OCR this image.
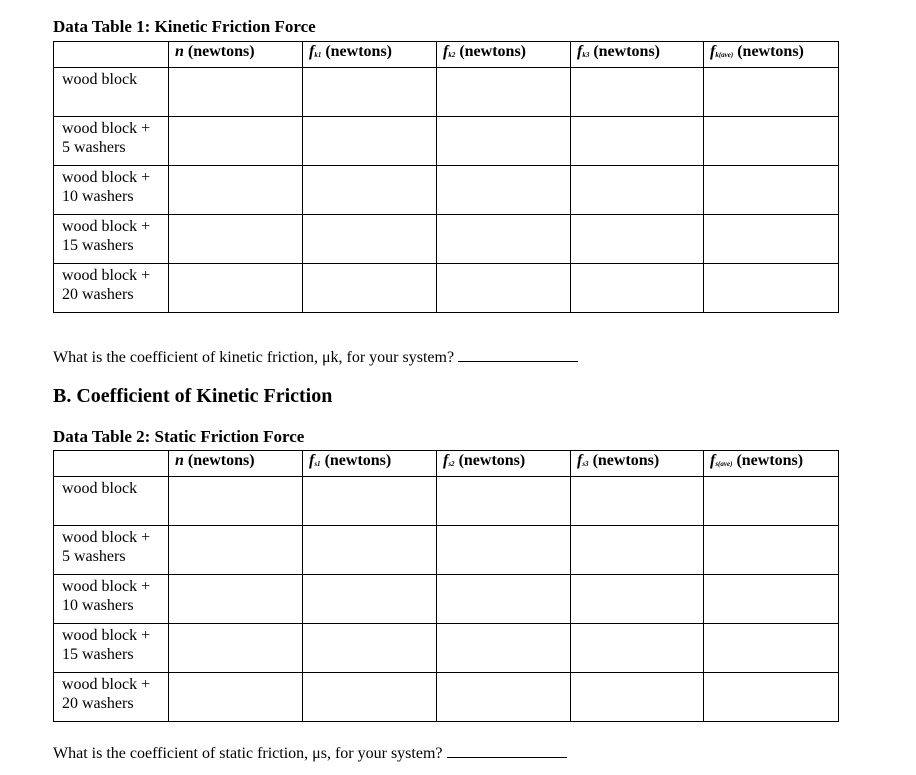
Data Table 1: Kinetic Friction Force
	n (newtons)	fk1 (newtons)	fk2 (newtons)	fk3 (newtons)	fk(ave) (newtons)

wood block					

wood block +
5 washers					

wood block +
10 washers					

wood block +
15 washers					

wood block +
20 washers					

What is the coefficient of kinetic friction, μk, for your system?
B. Coefficient of Kinetic Friction
Data Table 2: Static Friction Force
	n (newtons)	fs1 (newtons)	fs2 (newtons)	fs3 (newtons)	fs(ave) (newtons)

wood block					

wood block +
5 washers					

wood block +
10 washers					

wood block +
15 washers					

wood block +
20 washers					

What is the coefficient of static friction, μs, for your system?
